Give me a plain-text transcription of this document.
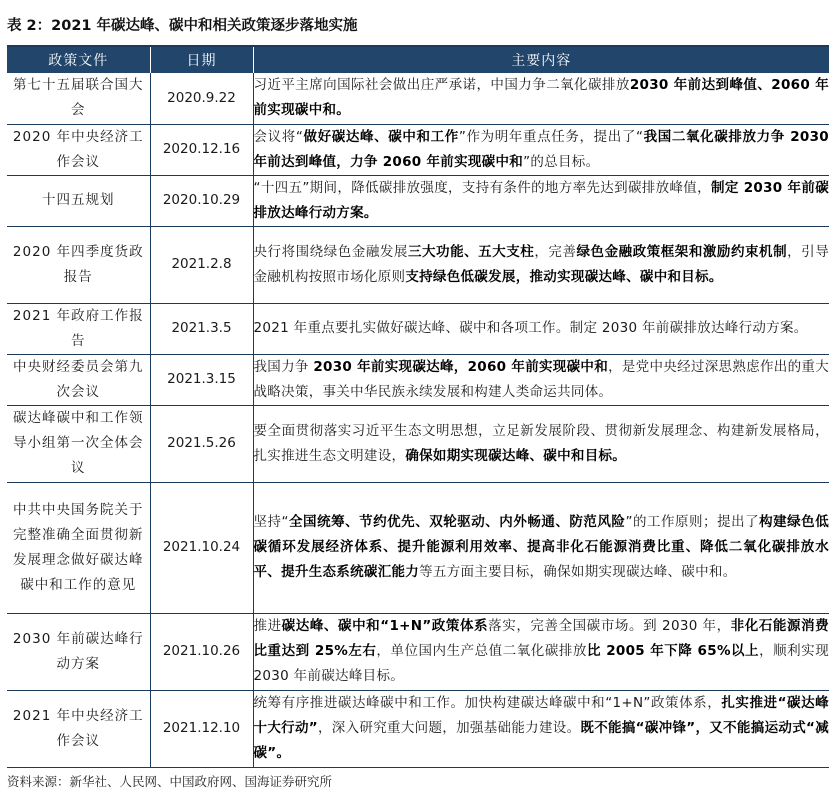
表 2：2021 年碳达峰、碳中和相关政策逐步落地实施
政策文件	日期	主要内容
第七十五届联合国大会	2020.9.22	习近平主席向国际社会做出庄严承诺，中国力争二氧化碳排放2030 年前达到峰值、2060 年前实现碳中和。
2020 年中央经济工作会议	2020.12.16	会议将“做好碳达峰、碳中和工作”作为明年重点任务，提出了“我国二氧化碳排放力争 2030 年前达到峰值，力争 2060 年前实现碳中和”的总目标。
十四五规划	2020.10.29	“十四五”期间，降低碳排放强度，支持有条件的地方率先达到碳排放峰值，制定 2030 年前碳排放达峰行动方案。
2020 年四季度货政报告	2021.2.8	央行将围绕绿色金融发展三大功能、五大支柱，完善绿色金融政策框架和激励约束机制，引导金融机构按照市场化原则支持绿色低碳发展，推动实现碳达峰、碳中和目标。
2021 年政府工作报告	2021.3.5	2021 年重点要扎实做好碳达峰、碳中和各项工作。制定 2030 年前碳排放达峰行动方案。
中央财经委员会第九次会议	2021.3.15	我国力争 2030 年前实现碳达峰，2060 年前实现碳中和，是党中央经过深思熟虑作出的重大战略决策，事关中华民族永续发展和构建人类命运共同体。
碳达峰碳中和工作领导小组第一次全体会议	2021.5.26	要全面贯彻落实习近平生态文明思想，立足新发展阶段、贯彻新发展理念、构建新发展格局，扎实推进生态文明建设，确保如期实现碳达峰、碳中和目标。
中共中央国务院关于完整准确全面贯彻新发展理念做好碳达峰碳中和工作的意见	2021.10.24	坚持“全国统筹、节约优先、双轮驱动、内外畅通、防范风险”的工作原则；提出了构建绿色低碳循环发展经济体系、提升能源利用效率、提高非化石能源消费比重、降低二氧化碳排放水平、提升生态系统碳汇能力等五方面主要目标，确保如期实现碳达峰、碳中和。
2030 年前碳达峰行动方案	2021.10.26	推进碳达峰、碳中和“1+N”政策体系落实，完善全国碳市场。到 2030 年，非化石能源消费比重达到 25%左右，单位国内生产总值二氧化碳排放比 2005 年下降 65%以上，顺利实现 2030 年前碳达峰目标。
2021 年中央经济工作会议	2021.12.10	统筹有序推进碳达峰碳中和工作。加快构建碳达峰碳中和“1+N”政策体系，扎实推进“碳达峰十大行动”，深入研究重大问题，加强基础能力建设。既不能搞“碳冲锋”，又不能搞运动式“减碳”。
资料来源：新华社、人民网、中国政府网、国海证券研究所
